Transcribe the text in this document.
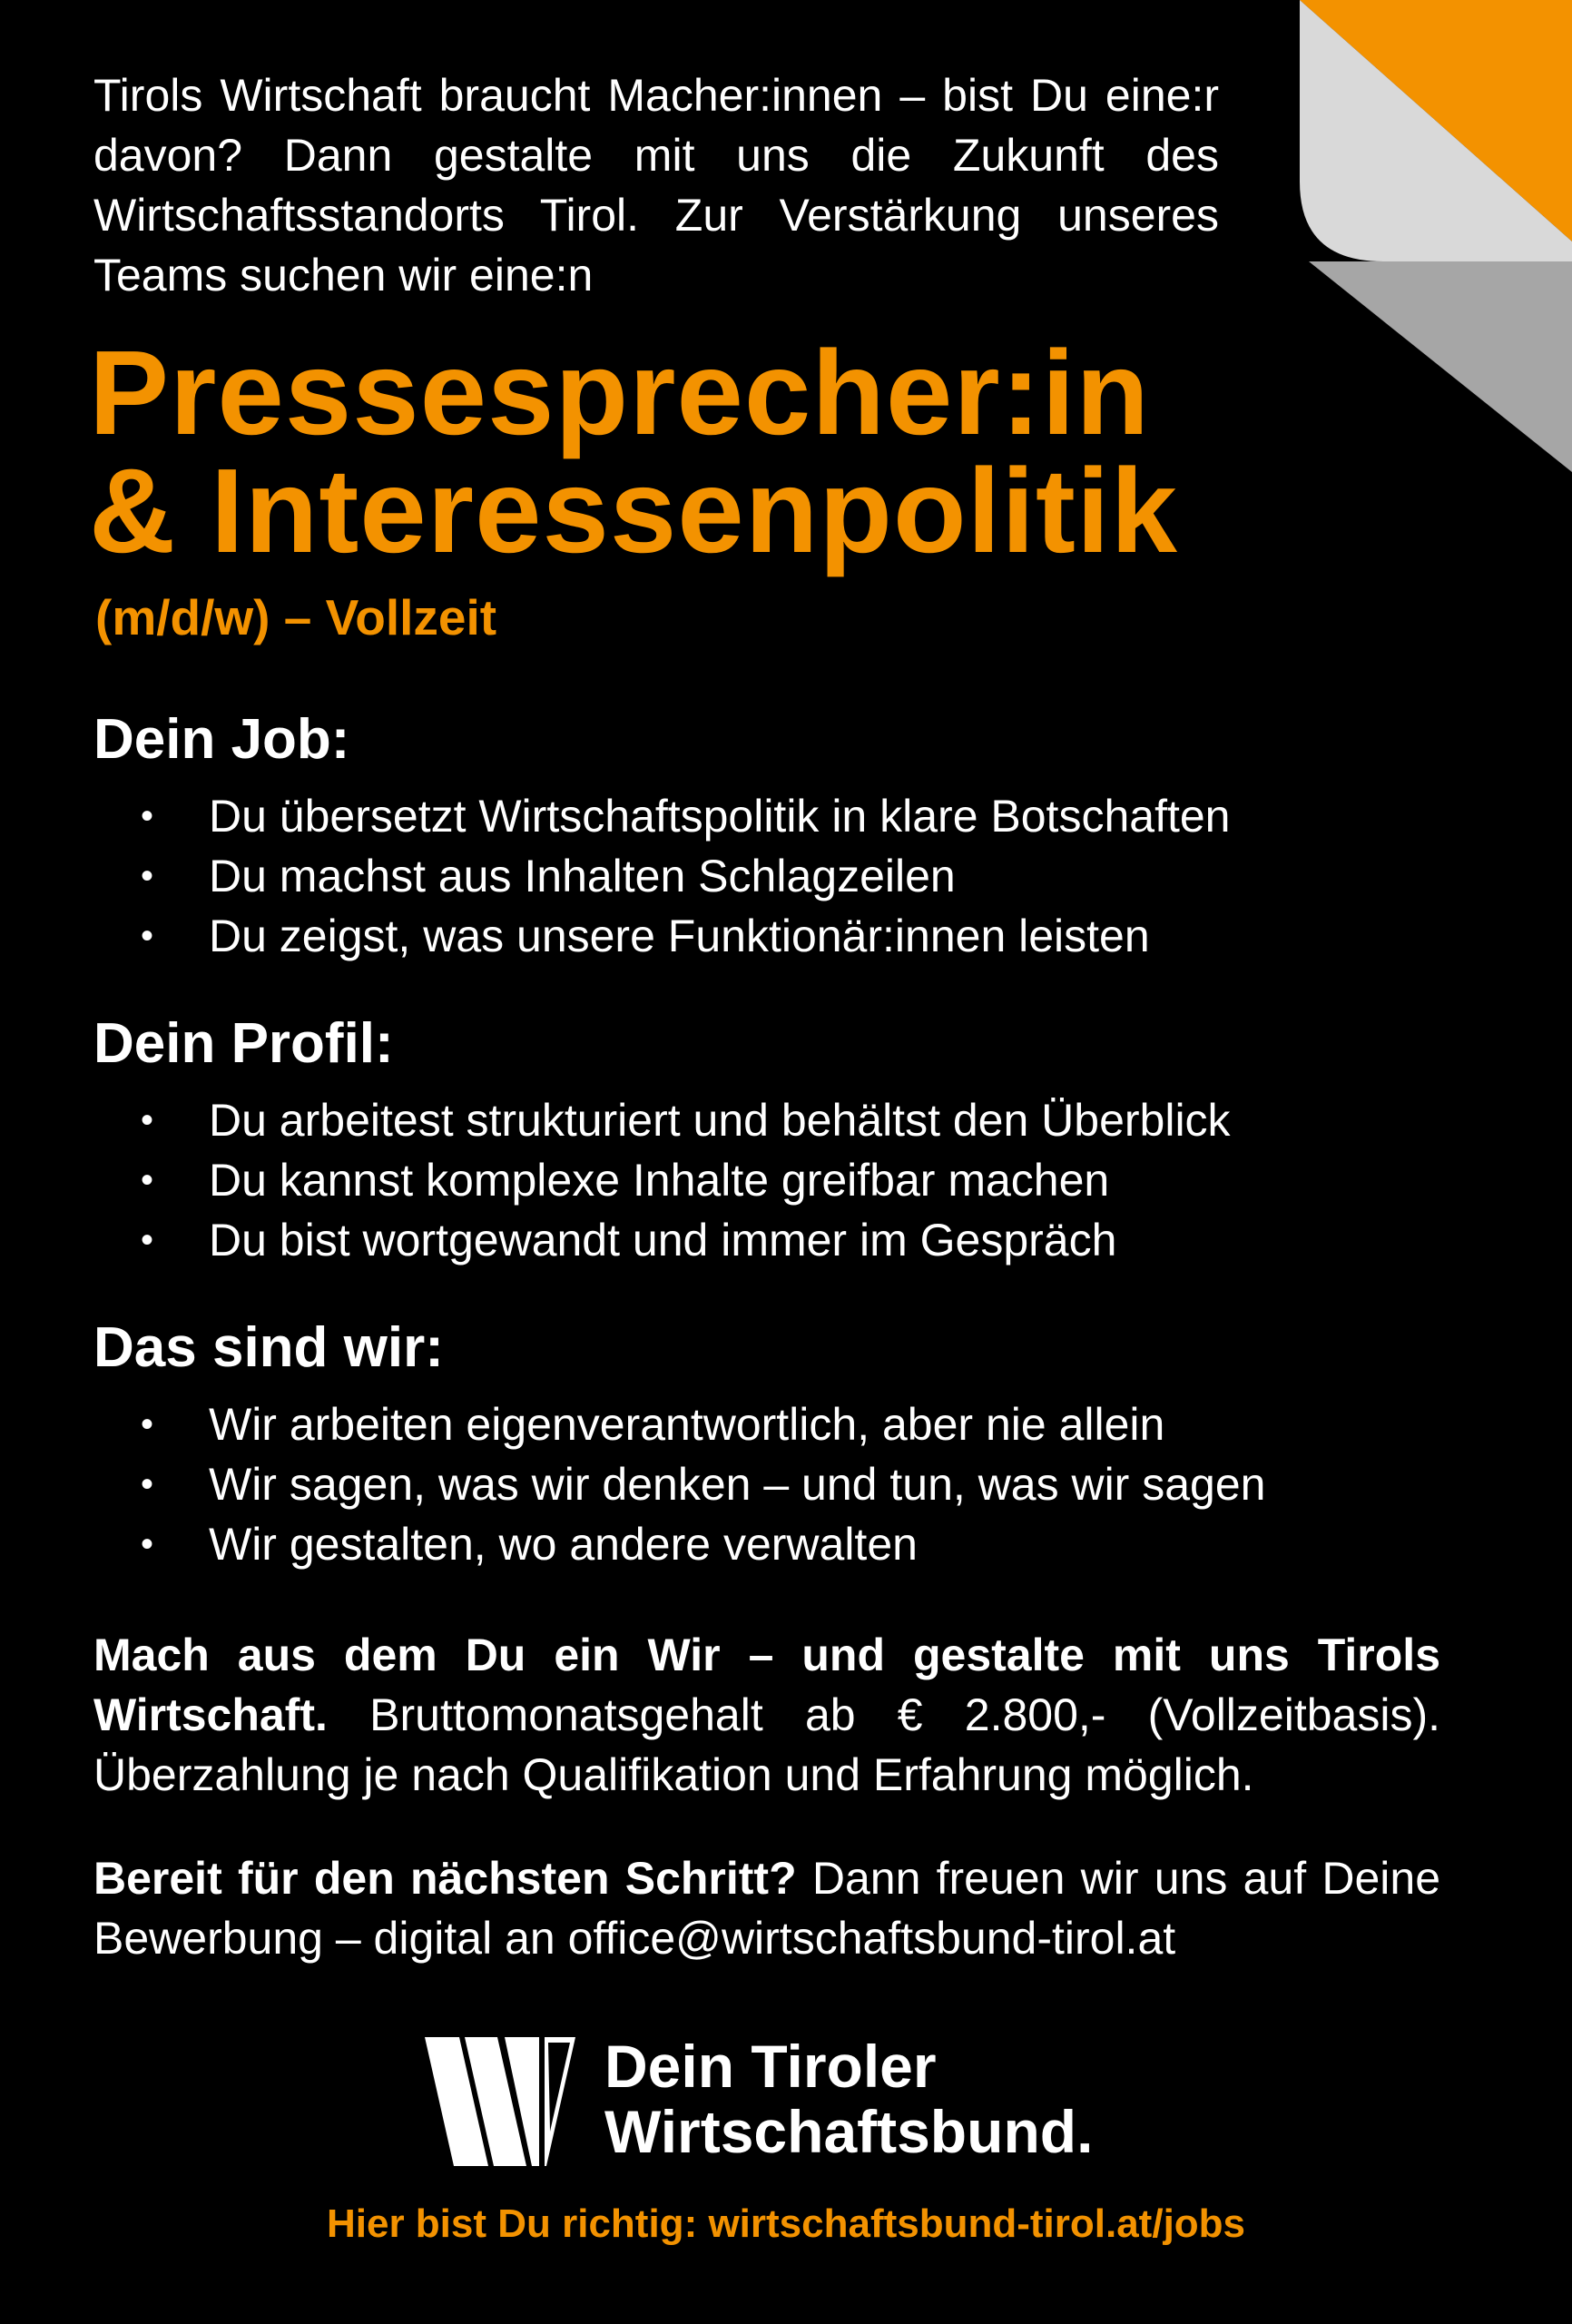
Tirols Wirtschaft braucht Macher:innen – bist Du eine:r davon? Dann gestalte mit uns die Zukunft des Wirtschaftsstandorts Tirol. Zur Verstärkung unseres Teams suchen wir eine:n
Pressesprecher:in
& Interessenpolitik
(m/d/w) – Vollzeit
Dein Job:
• Du übersetzt Wirtschaftspolitik in klare Botschaften
• Du machst aus Inhalten Schlagzeilen
• Du zeigst, was unsere Funktionär:innen leisten
Dein Profil:
• Du arbeitest strukturiert und behältst den Überblick
• Du kannst komplexe Inhalte greifbar machen
• Du bist wortgewandt und immer im Gespräch
Das sind wir:
• Wir arbeiten eigenverantwortlich, aber nie allein
• Wir sagen, was wir denken – und tun, was wir sagen
• Wir gestalten, wo andere verwalten
Mach aus dem Du ein Wir – und gestalte mit uns Tirols Wirtschaft. Bruttomonatsgehalt ab € 2.800,- (Vollzeitbasis). Überzahlung je nach Qualifikation und Erfahrung möglich.
Bereit für den nächsten Schritt? Dann freuen wir uns auf Deine Bewerbung – digital an office@wirtschaftsbund-tirol.at
Dein Tiroler
Wirtschaftsbund.
Hier bist Du richtig: wirtschaftsbund-tirol.at/jobs
